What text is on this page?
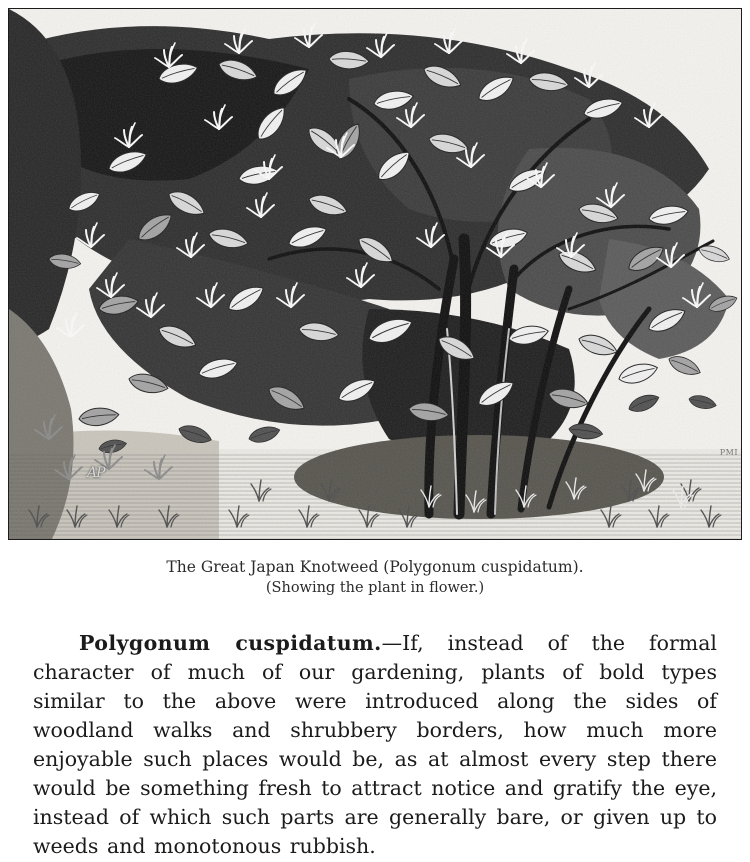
AP
PMI
The Great Japan Knotweed (Polygonum cuspidatum).
(Showing the plant in flower.)

Polygonum cuspidatum.—If, instead of the formal character of much of our gardening, plants of bold types similar to the above were introduced along the sides of woodland walks and shrubbery borders, how much more enjoyable such places would be, as at almost every step there would be something fresh to attract notice and gratify the eye, instead of which such parts are generally bare, or given up to weeds and monotonous rubbish.
